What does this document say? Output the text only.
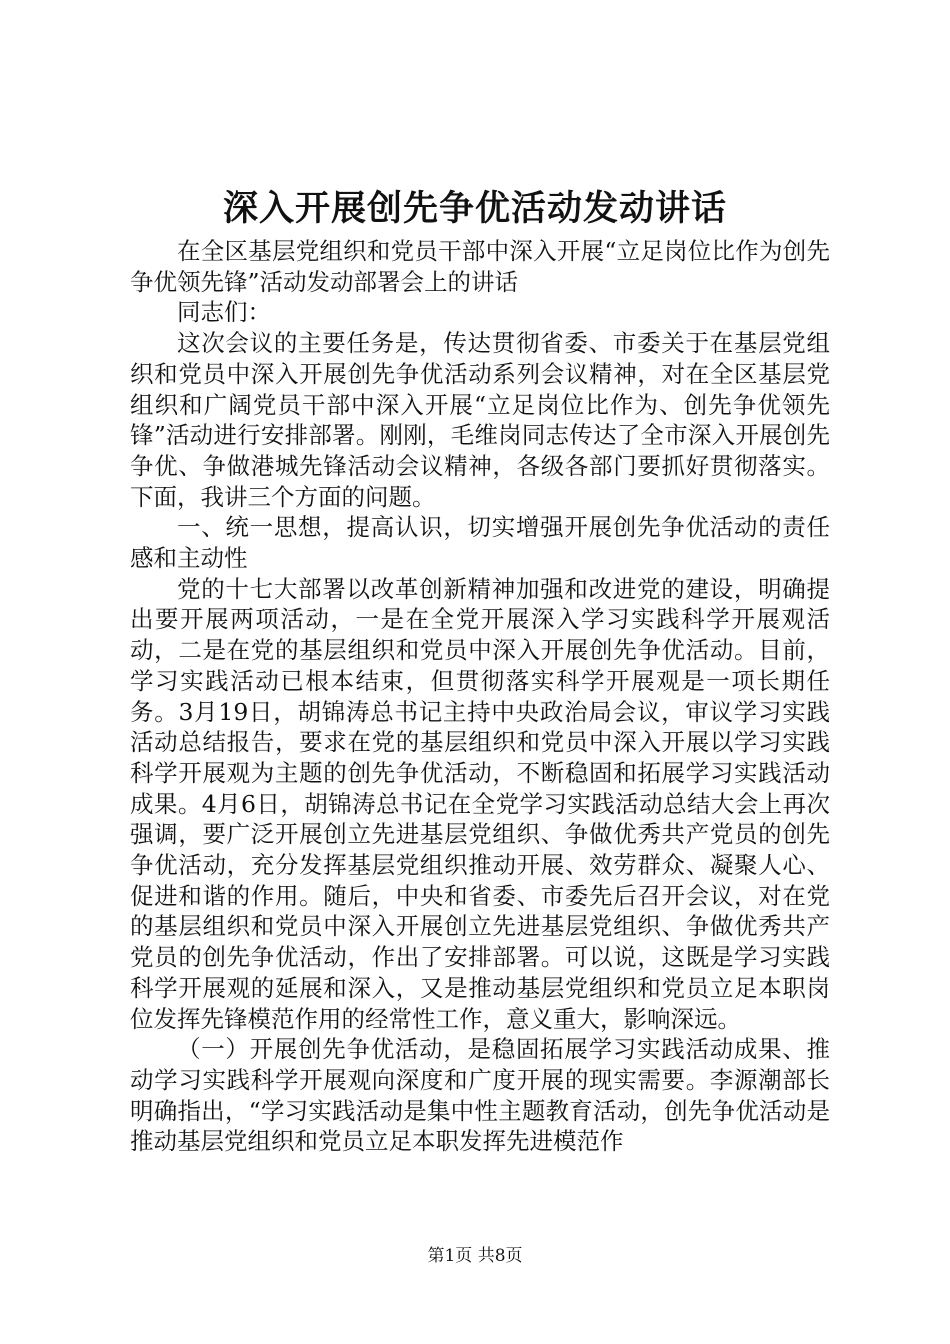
深入开展创先争优活动发动讲话

在全区基层党组织和党员干部中深入开展“立足岗位比作为创先争优领先锋”活动发动部署会上的讲话

同志们：

这次会议的主要任务是，传达贯彻省委、市委关于在基层党组织和党员中深入开展创先争优活动系列会议精神，对在全区基层党组织和广阔党员干部中深入开展“立足岗位比作为、创先争优领先锋”活动进行安排部署。刚刚，毛维岗同志传达了全市深入开展创先争优、争做港城先锋活动会议精神，各级各部门要抓好贯彻落实。下面，我讲三个方面的问题。

一、统一思想，提高认识，切实增强开展创先争优活动的责任感和主动性

党的十七大部署以改革创新精神加强和改进党的建设，明确提出要开展两项活动，一是在全党开展深入学习实践科学开展观活动，二是在党的基层组织和党员中深入开展创先争优活动。目前，学习实践活动已根本结束，但贯彻落实科学开展观是一项长期任务。3月19日，胡锦涛总书记主持中央政治局会议，审议学习实践活动总结报告，要求在党的基层组织和党员中深入开展以学习实践科学开展观为主题的创先争优活动，不断稳固和拓展学习实践活动成果。4月6日，胡锦涛总书记在全党学习实践活动总结大会上再次强调，要广泛开展创立先进基层党组织、争做优秀共产党员的创先争优活动，充分发挥基层党组织推动开展、效劳群众、凝聚人心、促进和谐的作用。随后，中央和省委、市委先后召开会议，对在党的基层组织和党员中深入开展创立先进基层党组织、争做优秀共产党员的创先争优活动，作出了安排部署。可以说，这既是学习实践科学开展观的延展和深入，又是推动基层党组织和党员立足本职岗位发挥先锋模范作用的经常性工作，意义重大，影响深远。

（一）开展创先争优活动，是稳固拓展学习实践活动成果、推动学习实践科学开展观向深度和广度开展的现实需要。李源潮部长明确指出，“学习实践活动是集中性主题教育活动，创先争优活动是推动基层党组织和党员立足本职发挥先进模范作

第1页 共8页
